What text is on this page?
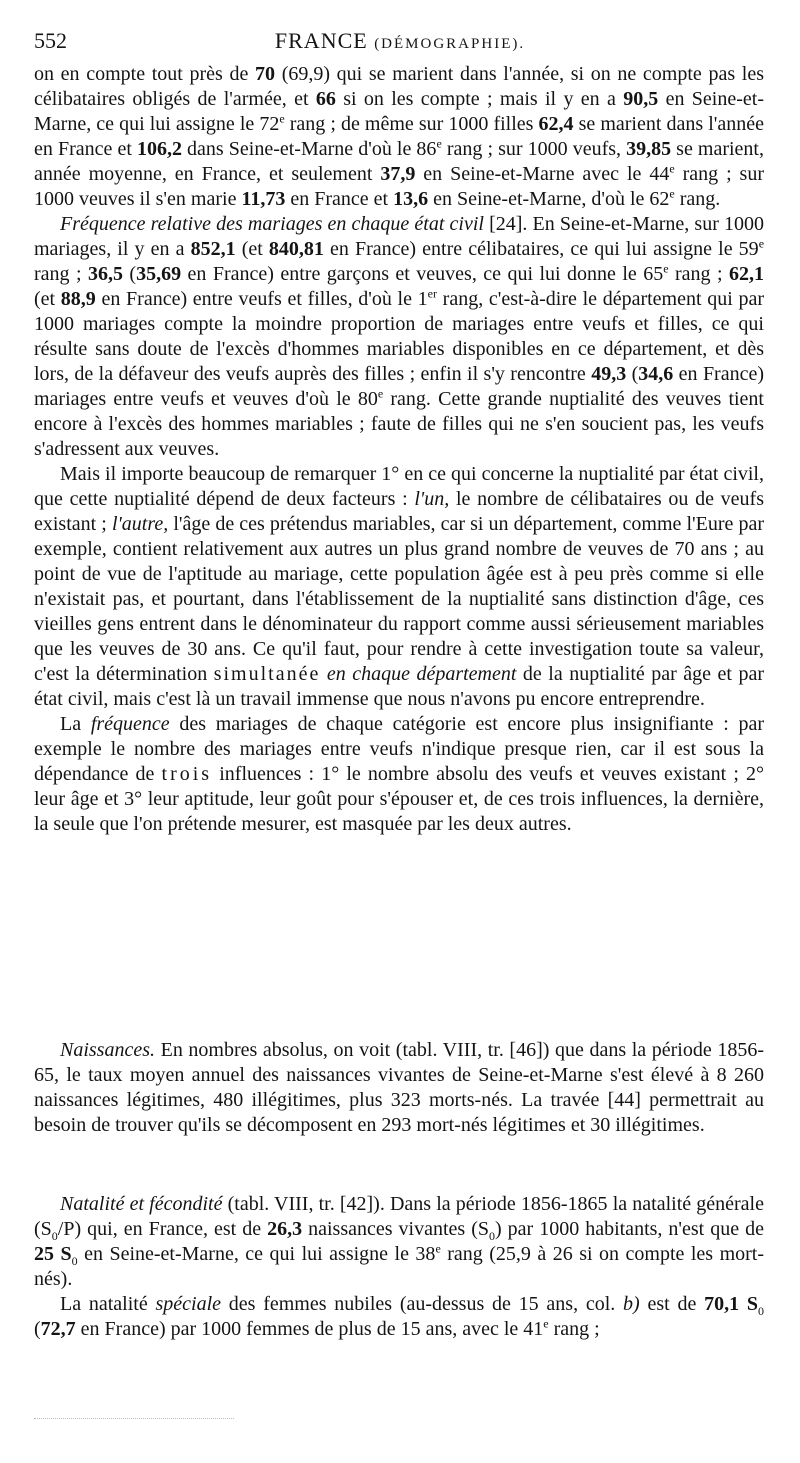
552	FRANCE (DÉMOGRAPHIE).

on en compte tout près de 70 (69,9) qui se marient dans l'année, si on ne compte pas les célibataires obligés de l'armée, et 66 si on les compte ; mais il y en a 90,5 en Seine-et-Marne, ce qui lui assigne le 72e rang ; de même sur 1000 filles 62,4 se marient dans l'année en France et 106,2 dans Seine-et-Marne d'où le 86e rang ; sur 1000 veufs, 39,85 se marient, année moyenne, en France, et seulement 37,9 en Seine-et-Marne avec le 44e rang ; sur 1000 veuves il s'en marie 11,73 en France et 13,6 en Seine-et-Marne, d'où le 62e rang.

Fréquence relative des mariages en chaque état civil [24]. En Seine-et-Marne, sur 1000 mariages, il y en a 852,1 (et 840,81 en France) entre célibataires, ce qui lui assigne le 59e rang ; 36,5 (35,69 en France) entre garçons et veuves, ce qui lui donne le 65e rang ; 62,1 (et 88,9 en France) entre veufs et filles, d'où le 1er rang, c'est-à-dire le département qui par 1000 mariages compte la moindre proportion de mariages entre veufs et filles, ce qui résulte sans doute de l'excès d'hommes mariables disponibles en ce département, et dès lors, de la défaveur des veufs auprès des filles ; enfin il s'y rencontre 49,3 (34,6 en France) mariages entre veufs et veuves d'où le 80e rang. Cette grande nuptialité des veuves tient encore à l'excès des hommes mariables ; faute de filles qui ne s'en soucient pas, les veufs s'adressent aux veuves.

Mais il importe beaucoup de remarquer 1° en ce qui concerne la nuptialité par état civil, que cette nuptialité dépend de deux facteurs : l'un, le nombre de célibataires ou de veufs existant ; l'autre, l'âge de ces prétendus mariables, car si un département, comme l'Eure par exemple, contient relativement aux autres un plus grand nombre de veuves de 70 ans ; au point de vue de l'aptitude au mariage, cette population âgée est à peu près comme si elle n'existait pas, et pourtant, dans l'établissement de la nuptialité sans distinction d'âge, ces vieilles gens entrent dans le dénominateur du rapport comme aussi sérieusement mariables que les veuves de 30 ans. Ce qu'il faut, pour rendre à cette investigation toute sa valeur, c'est la détermination simultanée en chaque département de la nuptialité par âge et par état civil, mais c'est là un travail immense que nous n'avons pu encore entreprendre.

La fréquence des mariages de chaque catégorie est encore plus insignifiante : par exemple le nombre des mariages entre veufs n'indique presque rien, car il est sous la dépendance de trois influences : 1° le nombre absolu des veufs et veuves existant ; 2° leur âge et 3° leur aptitude, leur goût pour s'épouser et, de ces trois influences, la dernière, la seule que l'on prétende mesurer, est masquée par les deux autres.

Naissances. En nombres absolus, on voit (tabl. VIII, tr. [46]) que dans la période 1856-65, le taux moyen annuel des naissances vivantes de Seine-et-Marne s'est élevé à 8 260 naissances légitimes, 480 illégitimes, plus 323 morts-nés. La travée [44] permettrait au besoin de trouver qu'ils se décomposent en 293 mort-nés légitimes et 30 illégitimes.

Natalité et fécondité (tabl. VIII, tr. [42]). Dans la période 1856-1865 la natalité générale $(S_0/P)$ qui, en France, est de 26,3 naissances vivantes $(S_0)$ par 1000 habitants, n'est que de 25 $S_0$ en Seine-et-Marne, ce qui lui assigne le 38e rang (25,9 à 26 si on compte les mort-nés).

La natalité spéciale des femmes nubiles (au-dessus de 15 ans, col. b) est de 70,1 $S_0$ (72,7 en France) par 1000 femmes de plus de 15 ans, avec le 41e rang ;
